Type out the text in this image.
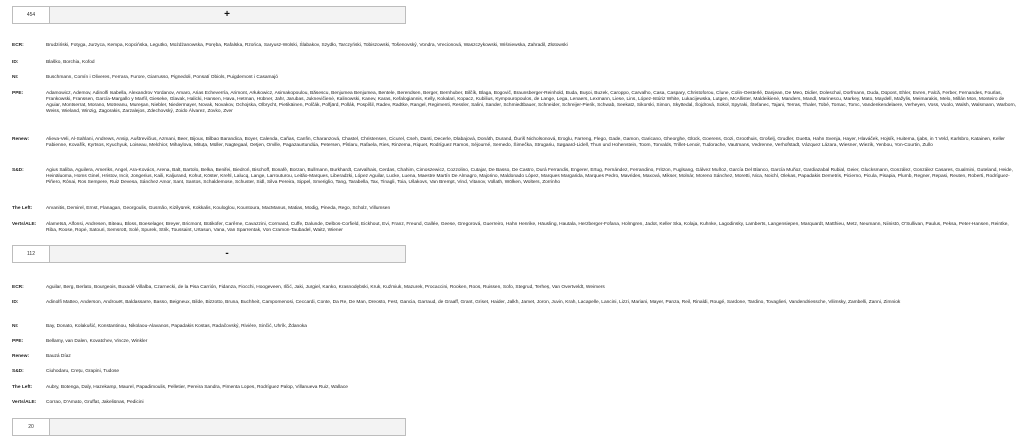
454	+
ECR:	Brudziński, Fotyga, Jurzyca, Kempa, Kopcińska, Legutko, Możdżanowska, Poręba, Rafalska, Rzońca, Saryusz-Wolski, Ślabakov, Szydło, Tarczyński, Tobiszowski, Tošenovský, Vondra, Vrecionová, Waszczykowski, Wiśniewska, Zahradil, Złotowski
ID:	Blaško, Borchia, Kofod
NI:	Buschmann, Comín i Oliveres, Ferrara, Furore, Giarrusso, Pignedoli, Ponsatí Obiols, Puigdemont i Casamajó
PPE:	Adamowicz, Ademov, Adinolfi Isabella, Alexandrov Yordanov, Amaro, Arias Echeverría, Arimont, Arłukowicz, Asimakopoulou, Băsescu, Benjumea Benjumea, Bentele, Berendsen, Berger, Bernhuber, Bilčík, Blaga, Bogovič, Braunsberger-Reinhold, Buda, Buşoi, Buzek, Caroppo, Carvalho, Casa, Caspary, Christoforou, Clune, Colin-Oesterlé, Danjean, De Meo, Didier, Doleschal, Dorfmann, Duda, Düpont, Ehler, Evren, Falcă, Ferber, Fernandes, Fourlas, Frankowski, Franssen, García-Margallo y Marfil, Gieseke, Glavak, Halicki, Hansen, Hava, Hetman, Hübner, Jahr, Jarubas, Juknevičienė, Kalinowski, Kanev, Karas, Kefalogiannis, Kelly, Kokalari, Kopacz, Kubilius, Kympouropoulos, de Lange, Lega, Lenaers, Lexmann, Liese, Lins, López-Istúriz White, Lukacijewska, Lutgen, McAllister, Maldeikienė, Manders, Mandl, Marinescu, Markey, Mato, Maydell, Mažylis, Meimarakis, Melo, Millán Mon, Monteiro de Aguiar, Montserrat, Morano, Motreanu, Mureşan, Niebler, Niedermayer, Novak, Novakov, Ochojska, Olbrycht, Pietikäinen, Polčák, Polfjärd, Pollák, Pospíšil, Radev, Radtke, Rangel, Regimenti, Ressler, Salini, Sander, Schmiedtbauer, Schneider, Schreijer-Pierik, Schwab, Seekatz, Sikorski, Simon, Skyttedal, Šojdrová, Sokol, Spyraki, Štefanec, Tajani, Terras, Thaler, Tobé, Tomac, Tomc, Vandenkendelaere, Verheyen, Voss, Vuolo, Walsh, Walsmann, Warborn, Weiss, Wieland, Winzig, Zagorakis, Zarzalejos, Zdechovský, Zoido Álvarez, Zovko, Zver
Renew:	Alieva-Veli, Al-Sahlani, Andrews, Ansip, Auštrevičius, Azmani, Beer, Bijoux, Bilbao Barandica, Boyer, Calenda, Cañas, Canfin, Charanzová, Chastel, Christensen, Cicurel, Cseh, Danti, Decerle, Dlabajová, Donáth, Durand, Ďuriš Nicholsonová, Eroglu, Farreng, Flego, Gade, Gamon, Garicano, Gheorghe, Glück, Goerens, Gozi, Groothuis, Grošelj, Grudler, Guetta, Hahn Svenja, Hayer, Hlaváček, Hojsík, Huitema, Ijabs, in 't Veld, Karlsbro, Katainen, Keller Fabienne, Kovařík, Kyrtsos, Kyuchyuk, Loiseau, Melchior, Mihaylova, Mituța, Müller, Nagtegaal, Oetjen, Orville, Pagazaurtundúa, Petersen, Pîslaru, Rafaela, Ries, Rinzema, Riquet, Rodríguez Ramos, Séjourné, Semedo, Šimečka, Strugariu, Søgaard-Lidell, Thun und Hohenstein, Toom, Torvalds, Trillet-Lenoir, Tudorache, Vautmans, Vedrenne, Verhofstadt, Vázquez Lázara, Wiesner, Wiezik, Yenbou, Yon-Courtin, Zullo
S&D:	Agius Saliba, Aguilera, Ameriks, Angel, Ara-Kovács, Arena, Balt, Bartolo, Belka, Benifei, Biedroń, Bischoff, Bonafè, Borzan, Bullmann, Burkhardt, Carvalhais, Cerdas, Chahim, Cimoszewicz, Cozzolino, Cutajar, De Basso, De Castro, Durá Ferrandis, Engerer, Ertug, Fernández, Ferrandino, Fritzon, Fuglsang, Gálvez Muñoz, García Del Blanco, García Muñoz, Gardiazabal Rubial, Geier, Glucksmann, González, González Casares, Gualmini, Guteland, Heide, Heinäluoma, Homs Ginel, Hristov, Incir, Jongerius, Kaili, Kaljurand, Kohut, Köster, Krehl, Lalucq, Lange, Larrouturou, Leitão-Marques, Liberadzki, López Aguilar, Lucke, Luena, Maestre Martín De Almagro, Majorino, Maldonado López, Marques Margarida, Marques Pedro, Mavrides, Maxová, Mikser, Molnár, Moreno Sánchez, Moretti, Nica, Noichl, Olekas, Papadakis Demetris, Picierno, Picula, Pisapia, Plumb, Regner, Repasi, Reuten, Roberti, Rodríguez-Piñero, Rónai, Ros Sempere, Ruiz Devesa, Sánchez Amor, Sant, Santos, Schaldemose, Schuster, Sidl, Silva Pereira, Sippel, Smeriglio, Tang, Tarabella, Tax, Tinagli, Toia, Ušakovs, Van Brempt, Vind, Vitanov, Vollath, Wölken, Wolters, Zorrinho
The Left:	Arvanitis, Demirel, Ernst, Flanagan, Georgoulis, Gusmão, Kizilyürek, Kokkalis, Kouloglou, Kountoura, MacManus, Matias, Modig, Pineda, Rego, Scholz, Villumsen
Verts/ALE:	Alametsä, Alfonsi, Andresen, Biteau, Bloss, Boeselager, Breyer, Bricmont, Bütikofer, Carême, Cavazzini, Cormand, Cuffe, Dalunde, Delbos-Corfield, Eickhout, Evi, Franz, Freund, Gallée, Geese, Gregorová, Guerreiro, Hahn Henrike, Häusling, Hautala, Herzberger-Fofana, Holmgren, Jadot, Keller Ska, Kolaja, Kuhnke, Lagodinsky, Lamberts, Langensiepen, Marquardt, Matthieu, Metz, Neumann, Niinistö, O'Sullivan, Paulus, Peksa, Peter-Hansen, Reintke, Riba, Roose, Ropė, Satouri, Semsrott, Solé, Spurek, Strik, Toussaint, Urtasun, Vana, Van Sparrentak, Von Cramon-Taubadel, Waitz, Wiener
112	-
ECR:	Aguilar, Berg, Berlato, Bourgeois, Buxadé Villalba, Czarnecki, de la Pisa Carrión, Fidanza, Fiocchi, Hoogeveen, Ilčić, Jaki, Jurgiel, Kanko, Krasnodębski, Kruk, Kuźmiuk, Mazurek, Procaccini, Rooken, Roos, Ruissen, Sofo, Stegrud, Terheș, Van Overtveldt, Weimers
ID:	Adinolfi Matteo, Anderson, Androuët, Baldassarre, Basso, Beigneux, Bilde, Bizzotto, Bruna, Buchheit, Campomenosi, Ceccardi, Conte, Da Re, De Man, Dreosto, Fest, Gancia, Garraud, de Graaff, Grant, Griset, Haider, Jalkh, Jamet, Joron, Juvin, Krah, Lacapelle, Lancini, Lizzi, Mariani, Mayer, Panza, Reil, Rinaldi, Rougé, Sardone, Tardino, Tovaglieri, Vandendriessche, Vilimsky, Zambelli, Zanni, Zimniok
NI:	Bay, Donato, Kolakušić, Konstantinou, Nikolaou-Alavanos, Papadakis Kostas, Radačovský, Rivière, Sinčić, Uhrík, Ždanoka
PPE:	Bellamy, van Dalen, Kovatchev, Vincze, Winkler
Renew:	Bauzá Díaz
S&D:	Ciuhodaru, Crețu, Grapini, Tudose
The Left:	Aubry, Botenga, Daly, Hazekamp, Maurel, Papadimoulis, Pelletier, Pereira Sandra, Pimenta Lopes, Rodríguez Palop, Villanueva Ruiz, Wallace
Verts/ALE:	Corrao, D'Amato, Gruffat, Jakeliūnas, Pedicini
20
